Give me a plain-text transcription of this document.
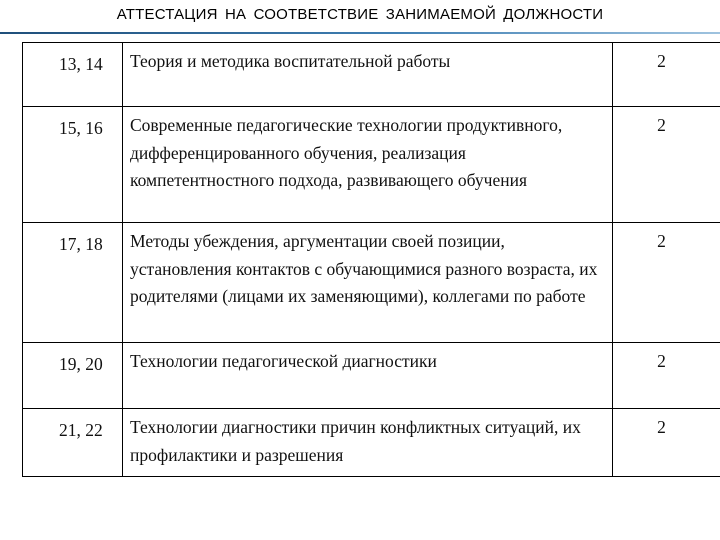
АТТЕСТАЦИЯ НА СООТВЕТСТВИЕ ЗАНИМАЕМОЙ ДОЛЖНОСТИ
13, 14	Теория и методика воспитательной работы	2
15, 16	Современные педагогические технологии продуктивного, дифференцированного обучения, реализация компетентностного подхода, развивающего обучения	2
17, 18	Методы убеждения, аргументации своей позиции, установления контактов с обучающимися разного возраста, их родителями (лицами их заменяющими), коллегами по работе	2
19, 20	Технологии педагогической диагностики	2
21, 22	Технологии диагностики причин конфликтных ситуаций, их профилактики и разрешения	2
